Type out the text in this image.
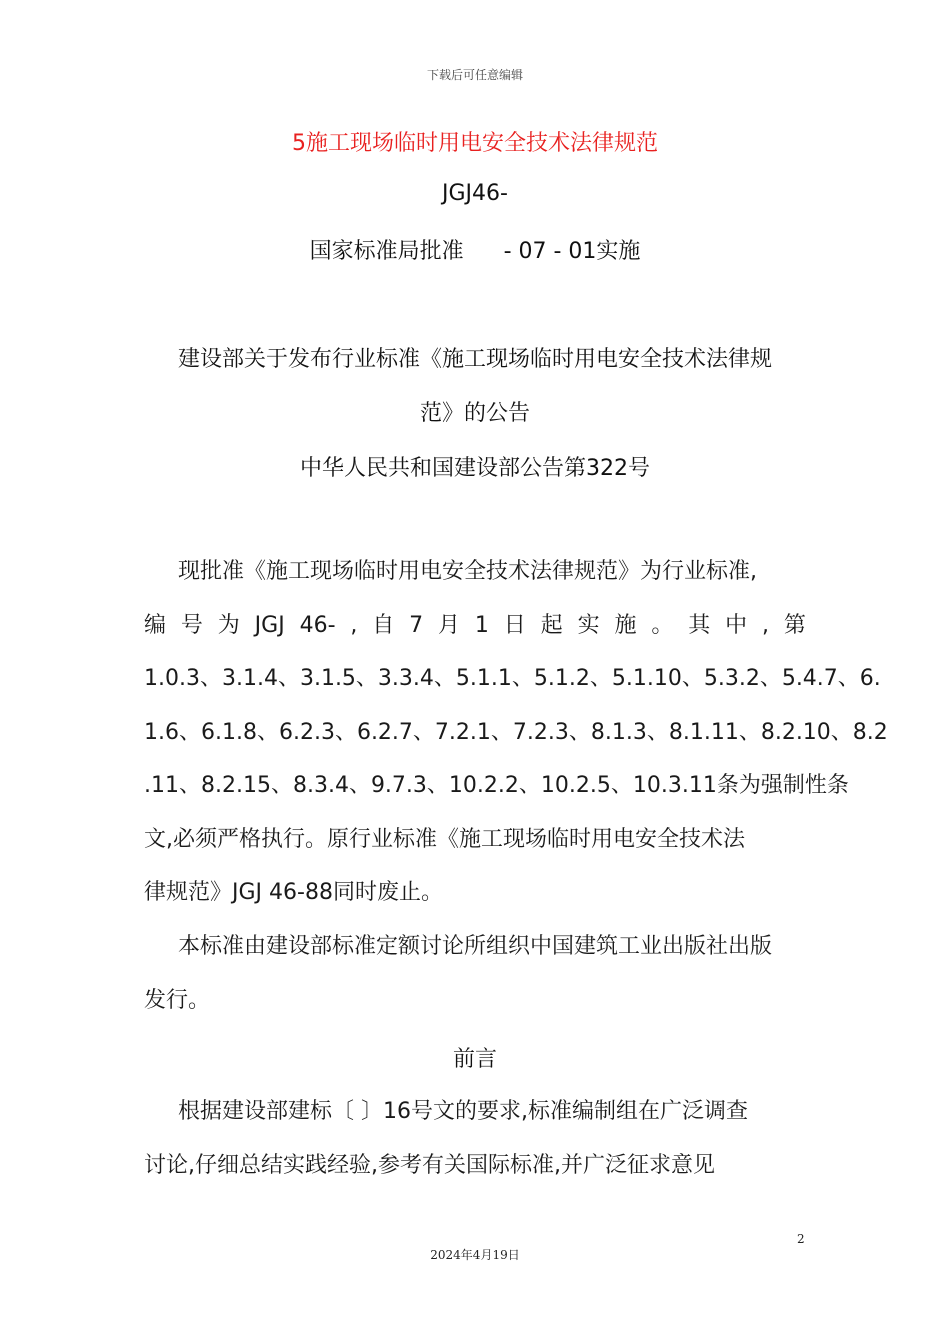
下载后可任意编辑
5施工现场临时用电安全技术法律规范
JGJ46-
国家标准局批准 - 07 - 01实施
建设部关于发布行业标准《施工现场临时用电安全技术法律规
范》的公告
中华人民共和国建设部公告第322号
现批准《施工现场临时用电安全技术法律规范》为行业标准,
编 号 为 JGJ 46- , 自 7 月 1 日 起 实 施 。 其 中 , 第
1.0.3、3.1.4、3.1.5、3.3.4、5.1.1、5.1.2、5.1.10、5.3.2、5.4.7、6.
1.6、6.1.8、6.2.3、6.2.7、7.2.1、7.2.3、8.1.3、8.1.11、8.2.10、8.2
.11、8.2.15、8.3.4、9.7.3、10.2.2、10.2.5、10.3.11条为强制性条
文,必须严格执行。原行业标准《施工现场临时用电安全技术法
律规范》JGJ 46-88同时废止。
本标准由建设部标准定额讨论所组织中国建筑工业出版社出版
发行。
前言
根据建设部建标〔 〕16号文的要求,标准编制组在广泛调查
讨论,仔细总结实践经验,参考有关国际标准,并广泛征求意见
2
2024年4月19日
